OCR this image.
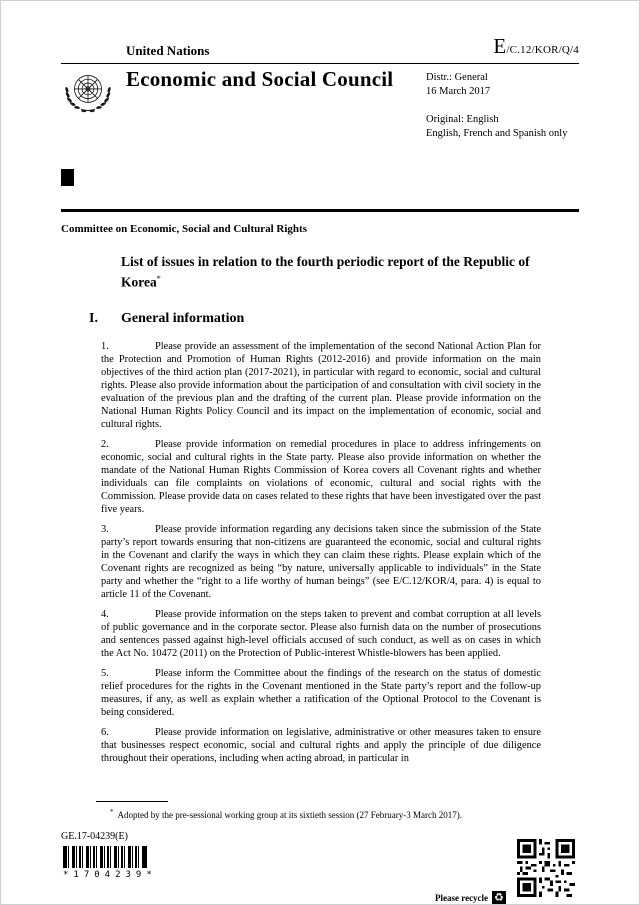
United Nations	E/C.12/KOR/Q/4
Economic and Social Council	Distr.: General
16 March 2017
Original: English
English, French and Spanish only
Committee on Economic, Social and Cultural Rights
List of issues in relation to the fourth periodic report of the Republic of Korea*
I.	General information

1.	Please provide an assessment of the implementation of the second National Action Plan for the Protection and Promotion of Human Rights (2012-2016) and provide information on the main objectives of the third action plan (2017-2021), in particular with regard to economic, social and cultural rights. Please also provide information about the participation of and consultation with civil society in the evaluation of the previous plan and the drafting of the current plan. Please provide information on the National Human Rights Policy Council and its impact on the implementation of economic, social and cultural rights.

2.	Please provide information on remedial procedures in place to address infringements on economic, social and cultural rights in the State party. Please also provide information on whether the mandate of the National Human Rights Commission of Korea covers all Covenant rights and whether individuals can file complaints on violations of economic, cultural and social rights with the Commission. Please provide data on cases related to these rights that have been investigated over the past five years.

3.	Please provide information regarding any decisions taken since the submission of the State party’s report towards ensuring that non-citizens are guaranteed the economic, social and cultural rights in the Covenant and clarify the ways in which they can claim these rights. Please explain which of the Covenant rights are recognized as being “by nature, universally applicable to individuals” in the State party and whether the “right to a life worthy of human beings” (see E/C.12/KOR/4, para. 4) is equal to article 11 of the Covenant.

4.	Please provide information on the steps taken to prevent and combat corruption at all levels of public governance and in the corporate sector. Please also furnish data on the number of prosecutions and sentences passed against high-level officials accused of such conduct, as well as on cases in which the Act No. 10472 (2011) on the Protection of Public-interest Whistle-blowers has been applied.

5.	Please inform the Committee about the findings of the research on the status of domestic relief procedures for the rights in the Covenant mentioned in the State party’s report and the follow-up measures, if any, as well as explain whether a ratification of the Optional Protocol to the Covenant is being considered.

6.	Please provide information on legislative, administrative or other measures taken to ensure that businesses respect economic, social and cultural rights and apply the principle of due diligence throughout their operations, including when acting abroad, in particular in

* Adopted by the pre-sessional working group at its sixtieth session (27 February-3 March 2017).

GE.17-04239(E)
*1704239*
Please recycle ♻
